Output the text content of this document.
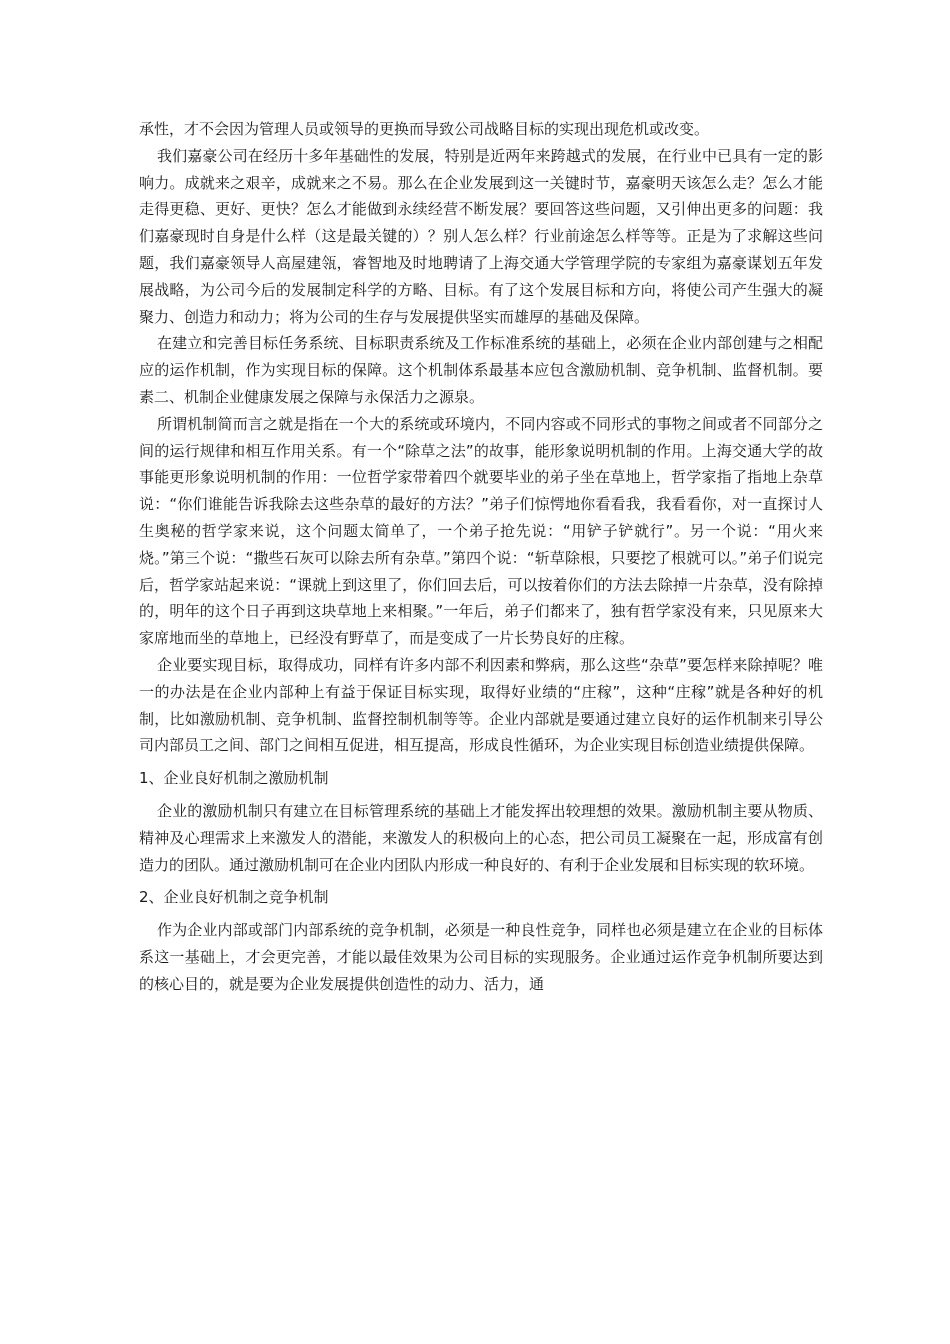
承性，才不会因为管理人员或领导的更换而导致公司战略目标的实现出现危机或改变。

我们嘉豪公司在经历十多年基础性的发展，特别是近两年来跨越式的发展，在行业中已具有一定的影响力。成就来之艰辛，成就来之不易。那么在企业发展到这一关键时节，嘉豪明天该怎么走？怎么才能走得更稳、更好、更快？怎么才能做到永续经营不断发展？要回答这些问题，又引伸出更多的问题：我们嘉豪现时自身是什么样（这是最关键的）？别人怎么样？行业前途怎么样等等。正是为了求解这些问题，我们嘉豪领导人高屋建瓴，睿智地及时地聘请了上海交通大学管理学院的专家组为嘉豪谋划五年发展战略，为公司今后的发展制定科学的方略、目标。有了这个发展目标和方向，将使公司产生强大的凝聚力、创造力和动力；将为公司的生存与发展提供坚实而雄厚的基础及保障。

在建立和完善目标任务系统、目标职责系统及工作标准系统的基础上，必须在企业内部创建与之相配应的运作机制，作为实现目标的保障。这个机制体系最基本应包含激励机制、竞争机制、监督机制。要素二、机制企业健康发展之保障与永保活力之源泉。

所谓机制简而言之就是指在一个大的系统或环境内，不同内容或不同形式的事物之间或者不同部分之间的运行规律和相互作用关系。有一个“除草之法”的故事，能形象说明机制的作用。上海交通大学的故事能更形象说明机制的作用：一位哲学家带着四个就要毕业的弟子坐在草地上，哲学家指了指地上杂草说：“你们谁能告诉我除去这些杂草的最好的方法？”弟子们惊愕地你看看我，我看看你，对一直探讨人生奥秘的哲学家来说，这个问题太简单了，一个弟子抢先说：“用铲子铲就行”。另一个说：“用火来烧。”第三个说：“撒些石灰可以除去所有杂草。”第四个说：“斩草除根，只要挖了根就可以。”弟子们说完后，哲学家站起来说：“课就上到这里了，你们回去后，可以按着你们的方法去除掉一片杂草，没有除掉的，明年的这个日子再到这块草地上来相聚。”一年后，弟子们都来了，独有哲学家没有来，只见原来大家席地而坐的草地上，已经没有野草了，而是变成了一片长势良好的庄稼。

企业要实现目标，取得成功，同样有许多内部不利因素和弊病，那么这些“杂草”要怎样来除掉呢？唯一的办法是在企业内部种上有益于保证目标实现，取得好业绩的“庄稼”，这种“庄稼”就是各种好的机制，比如激励机制、竞争机制、监督控制机制等等。企业内部就是要通过建立良好的运作机制来引导公司内部员工之间、部门之间相互促进，相互提高，形成良性循环，为企业实现目标创造业绩提供保障。

1、企业良好机制之激励机制

企业的激励机制只有建立在目标管理系统的基础上才能发挥出较理想的效果。激励机制主要从物质、精神及心理需求上来激发人的潜能，来激发人的积极向上的心态，把公司员工凝聚在一起，形成富有创造力的团队。通过激励机制可在企业内团队内形成一种良好的、有利于企业发展和目标实现的软环境。

2、企业良好机制之竞争机制

作为企业内部或部门内部系统的竞争机制，必须是一种良性竞争，同样也必须是建立在企业的目标体系这一基础上，才会更完善，才能以最佳效果为公司目标的实现服务。企业通过运作竞争机制所要达到的核心目的，就是要为企业发展提供创造性的动力、活力，通
